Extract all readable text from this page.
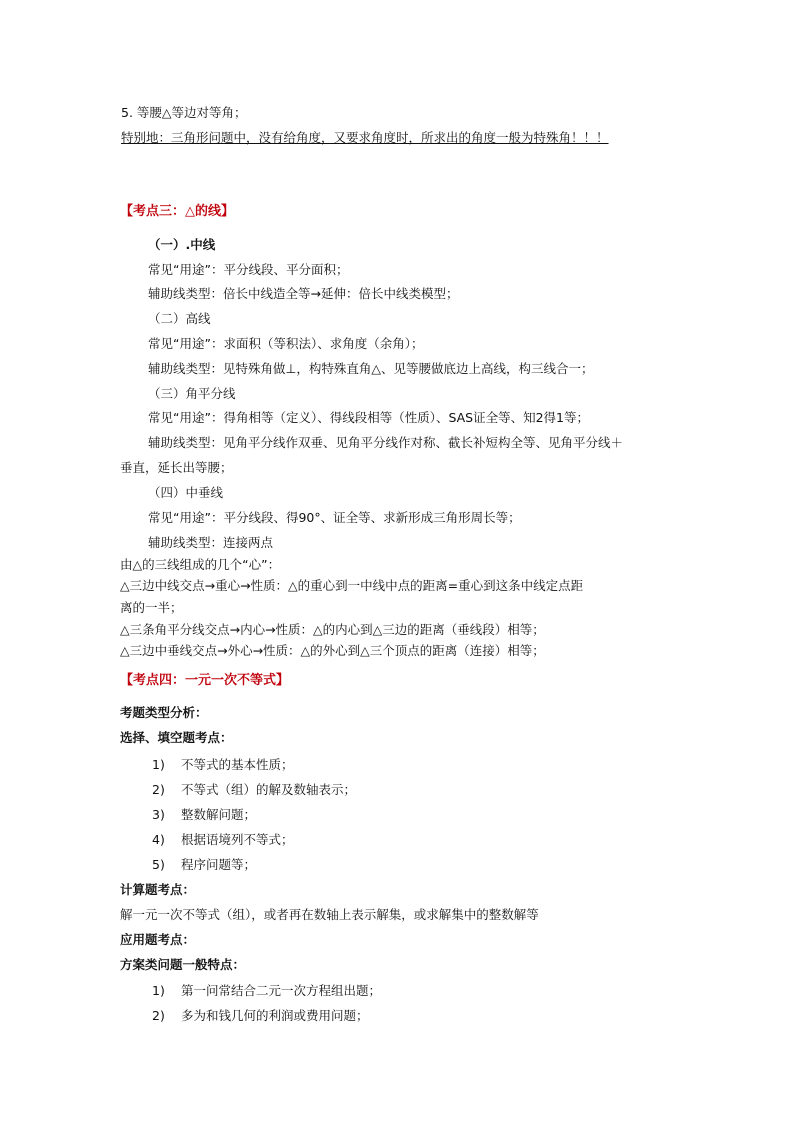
5. 等腰△等边对等角；
特别地：三角形问题中，没有给角度，又要求角度时，所求出的角度一般为特殊角！！！
【考点三：△的线】
（一）.中线
常见“用途”：平分线段、平分面积；
辅助线类型：倍长中线造全等→延伸：倍长中线类模型；
（二）高线
常见“用途”：求面积（等积法）、求角度（余角）；
辅助线类型：见特殊角做⊥，构特殊直角△、见等腰做底边上高线，构三线合一；
（三）角平分线
常见“用途”：得角相等（定义）、得线段相等（性质）、SAS证全等、知2得1等；
辅助线类型：见角平分线作双垂、见角平分线作对称、截长补短构全等、见角平分线＋
垂直，延长出等腰；
（四）中垂线
常见“用途”：平分线段、得90°、证全等、求新形成三角形周长等；
辅助线类型：连接两点
由△的三线组成的几个“心”：
△三边中线交点→重心→性质：△的重心到一中线中点的距离=重心到这条中线定点距
离的一半；
△三条角平分线交点→内心→性质：△的内心到△三边的距离（垂线段）相等；
△三边中垂线交点→外心→性质：△的外心到△三个顶点的距离（连接）相等；
【考点四：一元一次不等式】
考题类型分析：
选择、填空题考点：
1) 不等式的基本性质；
2) 不等式（组）的解及数轴表示；
3) 整数解问题；
4) 根据语境列不等式；
5) 程序问题等；
计算题考点：
解一元一次不等式（组），或者再在数轴上表示解集，或求解集中的整数解等
应用题考点：
方案类问题一般特点：
1) 第一问常结合二元一次方程组出题；
2) 多为和钱几何的利润或费用问题；
